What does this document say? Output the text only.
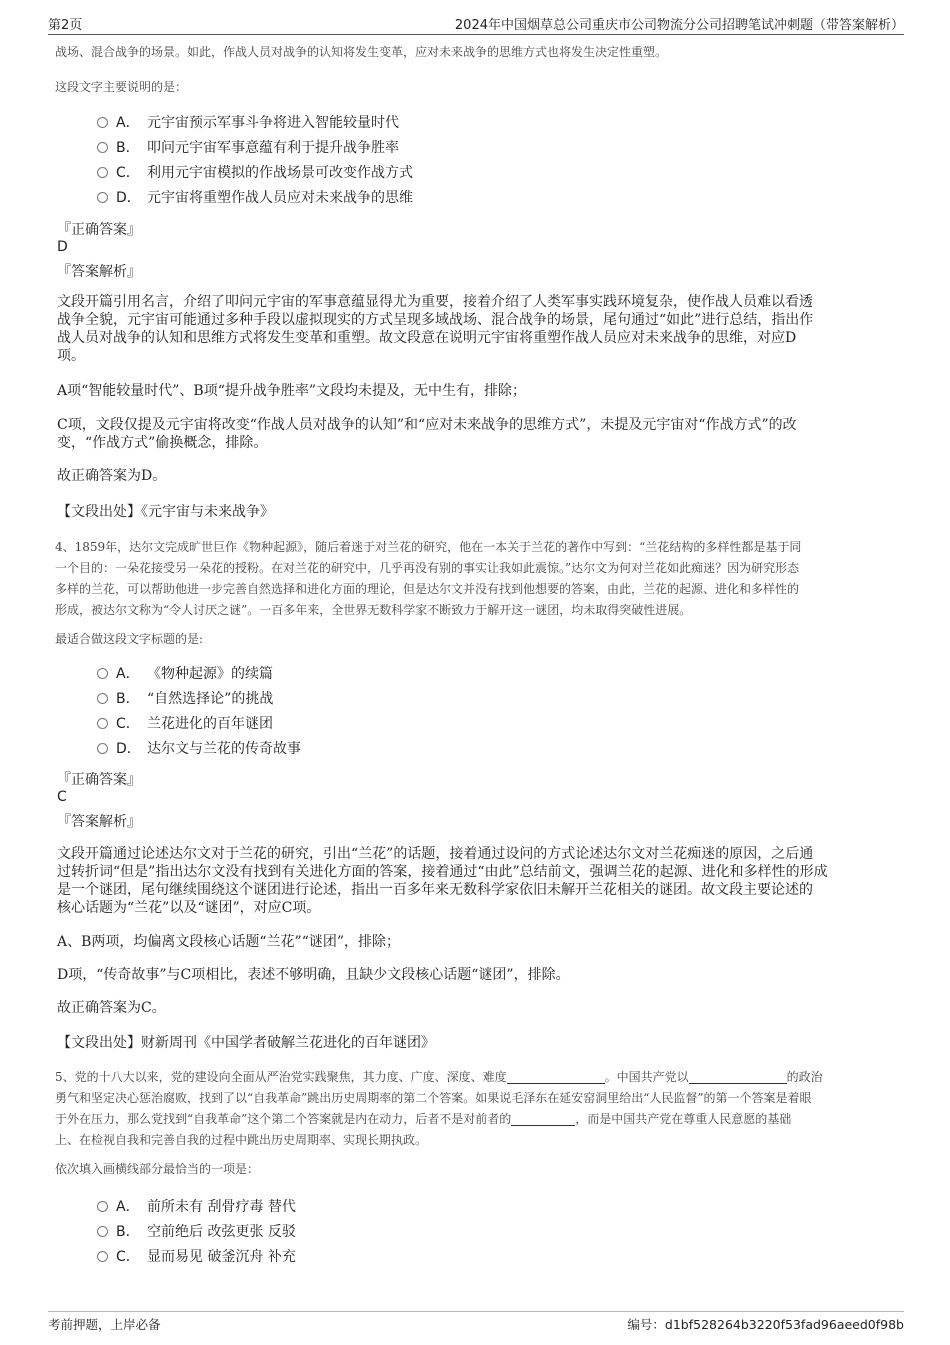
第2页	2024年中国烟草总公司重庆市公司物流分公司招聘笔试冲刺题（带答案解析）
战场、混合战争的场景。如此，作战人员对战争的认知将发生变革，应对未来战争的思维方式也将发生决定性重塑。
这段文字主要说明的是：
A． 元宇宙预示军事斗争将进入智能较量时代
B． 叩问元宇宙军事意蕴有利于提升战争胜率
C． 利用元宇宙模拟的作战场景可改变作战方式
D． 元宇宙将重塑作战人员应对未来战争的思维
『正确答案』
D
『答案解析』
文段开篇引用名言，介绍了叩问元宇宙的军事意蕴显得尤为重要，接着介绍了人类军事实践环境复杂，使作战人员难以看透
战争全貌，元宇宙可能通过多种手段以虚拟现实的方式呈现多域战场、混合战争的场景，尾句通过“如此”进行总结，指出作
战人员对战争的认知和思维方式将发生变革和重塑。故文段意在说明元宇宙将重塑作战人员应对未来战争的思维，对应D
项。
A项“智能较量时代”、B项“提升战争胜率”文段均未提及，无中生有，排除；
C项，文段仅提及元宇宙将改变“作战人员对战争的认知”和“应对未来战争的思维方式”，未提及元宇宙对“作战方式”的改
变，“作战方式”偷换概念，排除。
故正确答案为D。
【文段出处】《元宇宙与未来战争》
4、1859年，达尔文完成旷世巨作《物种起源》，随后着迷于对兰花的研究，他在一本关于兰花的著作中写到：“兰花结构的多样性都是基于同
一个目的：一朵花接受另一朵花的授粉。在对兰花的研究中，几乎再没有别的事实让我如此震惊。”达尔文为何对兰花如此痴迷？因为研究形态
多样的兰花，可以帮助他进一步完善自然选择和进化方面的理论，但是达尔文并没有找到他想要的答案，由此，兰花的起源、进化和多样性的
形成，被达尔文称为“令人讨厌之谜”。一百多年来，全世界无数科学家不断致力于解开这一谜团，均未取得突破性进展。
最适合做这段文字标题的是:
A． 《物种起源》的续篇
B． “自然选择论”的挑战
C． 兰花进化的百年谜团
D． 达尔文与兰花的传奇故事
『正确答案』
C
『答案解析』
文段开篇通过论述达尔文对于兰花的研究，引出“兰花”的话题，接着通过设问的方式论述达尔文对兰花痴迷的原因，之后通
过转折词“但是”指出达尔文没有找到有关进化方面的答案，接着通过“由此”总结前文，强调兰花的起源、进化和多样性的形成
是一个谜团，尾句继续围绕这个谜团进行论述，指出一百多年来无数科学家依旧未解开兰花相关的谜团。故文段主要论述的
核心话题为“兰花”以及“谜团”，对应C项。
A、B两项，均偏离文段核心话题“兰花”“谜团”，排除；
D项，“传奇故事”与C项相比，表述不够明确，且缺少文段核心话题“谜团”，排除。
故正确答案为C。
【文段出处】财新周刊《中国学者破解兰花进化的百年谜团》
5、党的十八大以来，党的建设向全面从严治党实践聚焦，其力度、广度、深度、难度	。中国共产党以	的政治
勇气和坚定决心惩治腐败，找到了以“自我革命”跳出历史周期率的第二个答案。如果说毛泽东在延安窑洞里给出“人民监督”的第一个答案是着眼
于外在压力，那么党找到“自我革命”这个第二个答案就是内在动力，后者不是对前者的	，而是中国共产党在尊重人民意愿的基础
上、在检视自我和完善自我的过程中跳出历史周期率、实现长期执政。
依次填入画横线部分最恰当的一项是：
A． 前所未有 刮骨疗毒 替代
B． 空前绝后 改弦更张 反驳
C． 显而易见 破釜沉舟 补充
考前押题，上岸必备	编号：d1bf528264b3220f53fad96aeed0f98b
